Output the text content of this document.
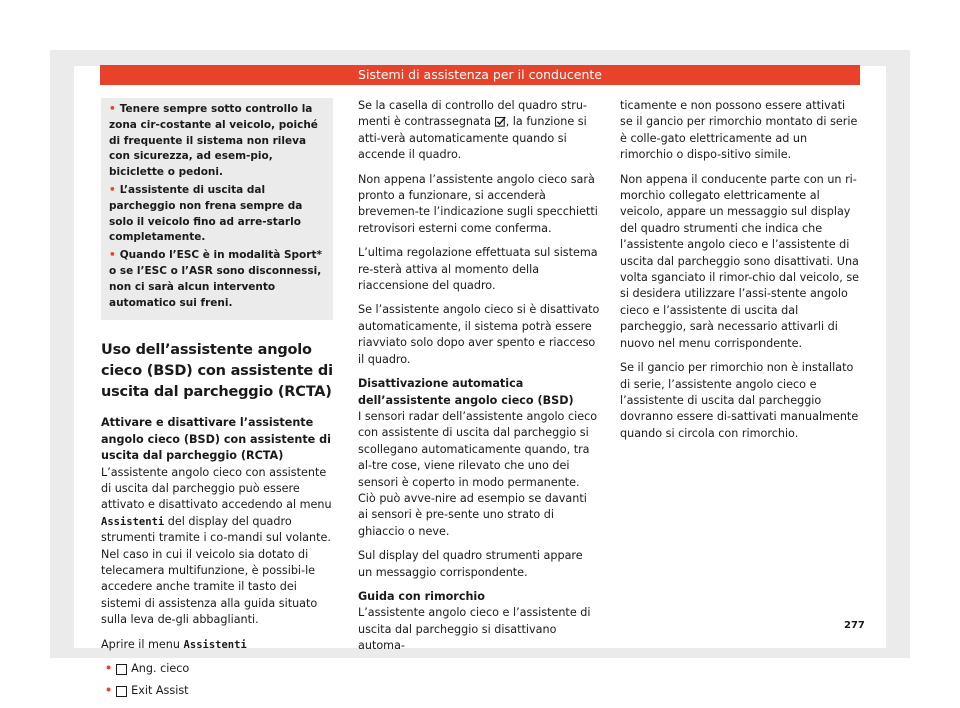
Sistemi di assistenza per il conducente
• Tenere sempre sotto controllo la zona cir-costante al veicolo, poiché di frequente il sistema non rileva con sicurezza, ad esem-pio, biciclette o pedoni.
• L’assistente di uscita dal parcheggio non frena sempre da solo il veicolo fino ad arre-starlo completamente.
• Quando l’ESC è in modalità Sport* o se l’ESC o l’ASR sono disconnessi, non ci sarà alcun intervento automatico sui freni.
Uso dell’assistente angolo cieco (BSD) con assistente di uscita dal parcheggio (RCTA)
Attivare e disattivare l’assistente angolo cieco (BSD) con assistente di uscita dal parcheggio (RCTA)

L’assistente angolo cieco con assistente di uscita dal parcheggio può essere attivato e disattivato accedendo al menu Assistenti del display del quadro strumenti tramite i co-mandi sul volante. Nel caso in cui il veicolo sia dotato di telecamera multifunzione, è possibi-le accedere anche tramite il tasto dei sistemi di assistenza alla guida situato sulla leva de-gli abbaglianti.

Aprire il menu Assistenti

• Ang. cieco
• Exit Assist

Se la casella di controllo del quadro stru-menti è contrassegnata , la funzione si atti-verà automaticamente quando si accende il quadro.

Non appena l’assistente angolo cieco sarà pronto a funzionare, si accenderà brevemen-te l’indicazione sugli specchietti retrovisori esterni come conferma.

L’ultima regolazione effettuata sul sistema re-sterà attiva al momento della riaccensione del quadro.

Se l’assistente angolo cieco si è disattivato automaticamente, il sistema potrà essere riavviato solo dopo aver spento e riacceso il quadro.

Disattivazione automatica dell’assistente angolo cieco (BSD)

I sensori radar dell’assistente angolo cieco con assistente di uscita dal parcheggio si scollegano automaticamente quando, tra al-tre cose, viene rilevato che uno dei sensori è coperto in modo permanente. Ciò può avve-nire ad esempio se davanti ai sensori è pre-sente uno strato di ghiaccio o neve.

Sul display del quadro strumenti appare un messaggio corrispondente.

Guida con rimorchio

L’assistente angolo cieco e l’assistente di uscita dal parcheggio si disattivano automa-

ticamente e non possono essere attivati se il gancio per rimorchio montato di serie è colle-gato elettricamente ad un rimorchio o dispo-sitivo simile.

Non appena il conducente parte con un ri-morchio collegato elettricamente al veicolo, appare un messaggio sul display del quadro strumenti che indica che l’assistente angolo cieco e l’assistente di uscita dal parcheggio sono disattivati. Una volta sganciato il rimor-chio dal veicolo, se si desidera utilizzare l’assi-stente angolo cieco e l’assistente di uscita dal parcheggio, sarà necessario attivarli di nuovo nel menu corrispondente.

Se il gancio per rimorchio non è installato di serie, l’assistente angolo cieco e l’assistente di uscita dal parcheggio dovranno essere di-sattivati manualmente quando si circola con rimorchio.

277
